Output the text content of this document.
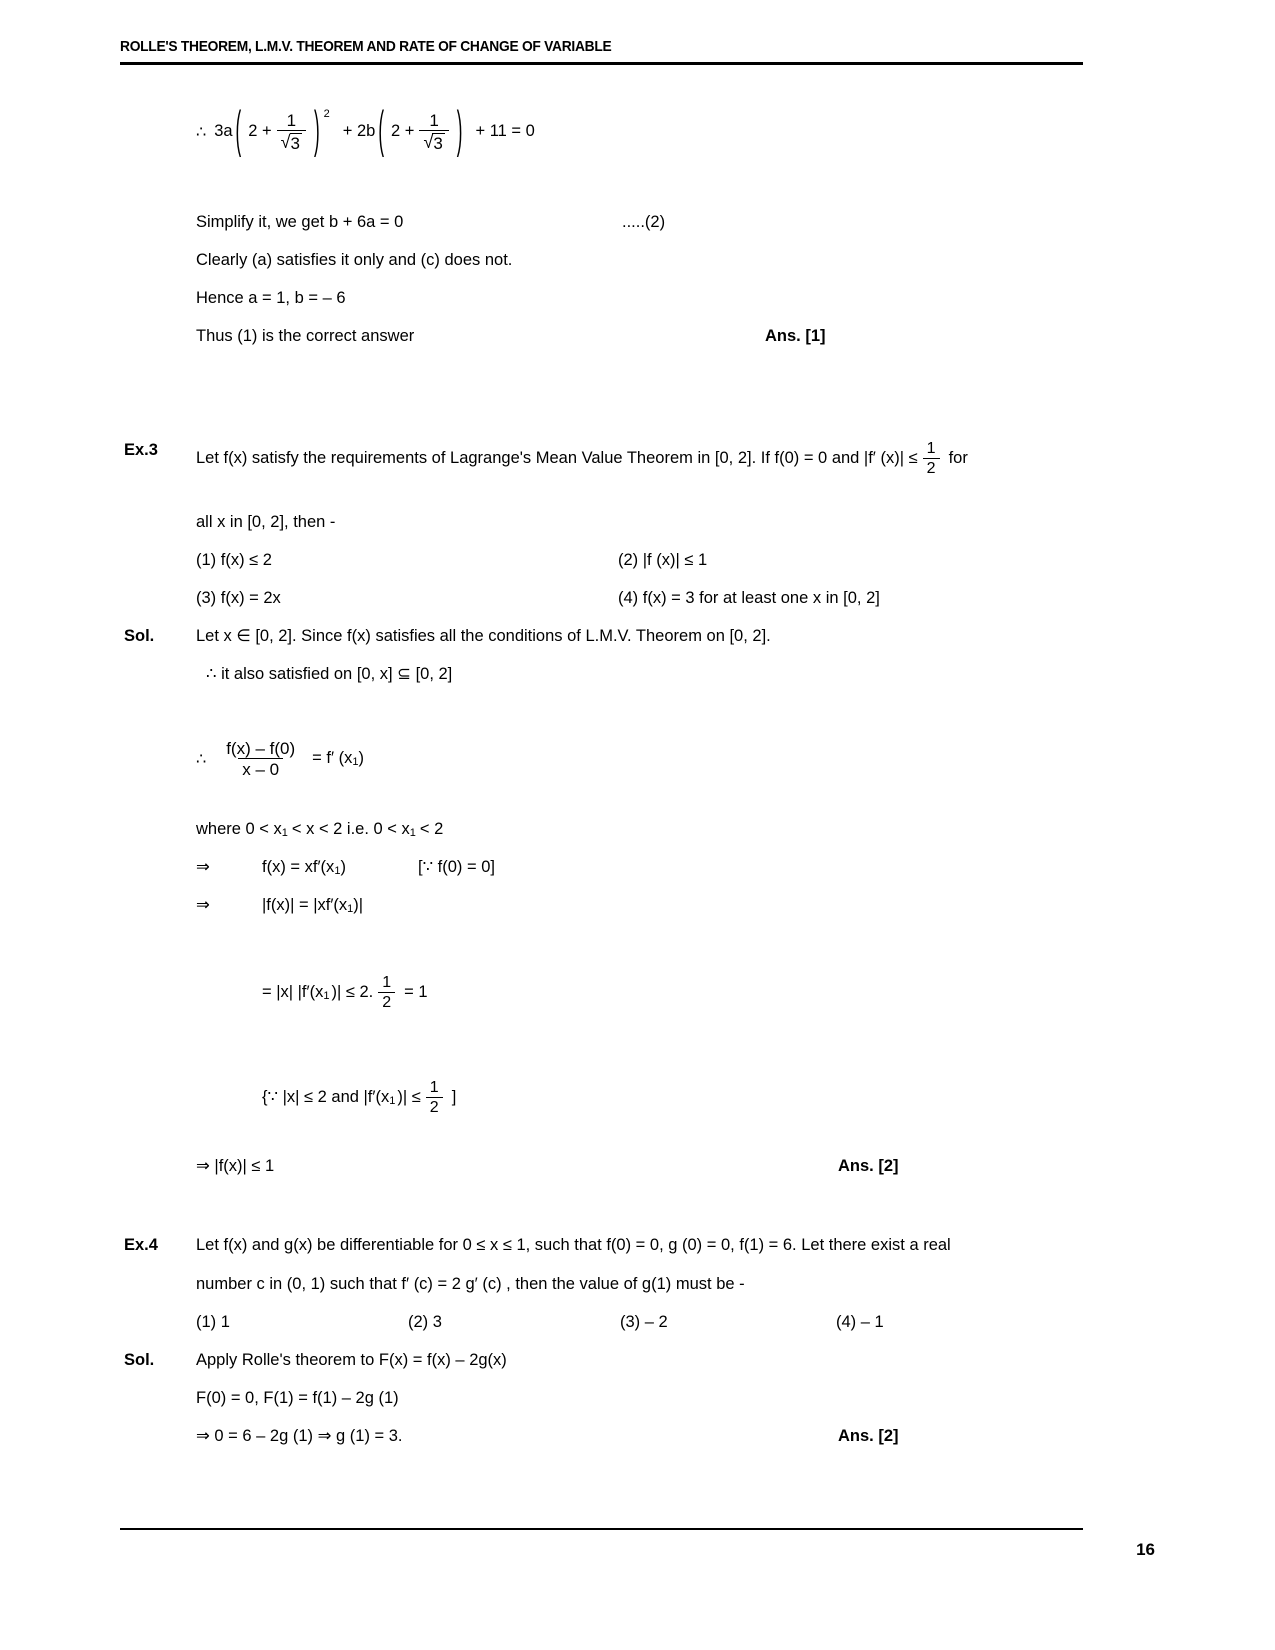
ROLLE'S THEOREM, L.M.V. THEOREM AND RATE OF CHANGE OF VARIABLE
∴ 3a ( $2 + \frac{1}{√ 3}$ ) 2
+ 2b ( $2 + \frac{1}{√ 3}$ ) + 11 = 0
Simplify it, we get b + 6a = 0	.....(2)
Clearly (a) satisfies it only and (c) does not.
Hence a = 1, b = – 6
Thus (1) is the correct answer	Ans. [1]
Ex.3 Let f(x) satisfy the requirements of Lagrange's Mean Value Theorem in [0, 2]. If f(0) = 0 and |f′ $(x)| \le \frac{1}{2}$ for
all x in [0, 2], then -
(1) f(x) ≤ 2	(2) |f (x)| ≤ 1
(3) f(x) = 2x	(4) f(x) = 3 for at least one x in [0, 2]
Sol.	Let x ∈ [0, 2]. Since f(x) satisfies all the conditions of L.M.V. Theorem on [0, 2].
∴ it also satisfied on [0, x] ⊆ [0, 2]
∴ $\frac{f(x) - f(0)}{x - 0} = f'$ (x 1 )
where 0 < x 1 < x < 2 i.e. 0 < x 1 < 2
⇒	f(x) = xf′(x 1 )	[∵ f(0) = 0]
⇒	|f(x)| = |xf′(x 1 )|
= |x| |f′(x 1 )| ≤ 2. $\frac{1}{2} = 1$
{∵ |x| ≤ 2 and |f′(x 1 )| ≤ $\frac{1}{2}$ ]
⇒ |f(x)| ≤ 1	Ans. [2]
Ex.4 Let f(x) and g(x) be differentiable for 0 ≤ x ≤ 1, such that f(0) = 0, g (0) = 0, f(1) = 6. Let there exist a real
number c in (0, 1) such that f′ (c) = 2 g′ (c) , then the value of g(1) must be -
(1) 1	(2) 3	(3) – 2	(4) – 1
Sol.	Apply Rolle's theorem to F(x) = f(x) – 2g(x)
F(0) = 0, F(1) = f(1) – 2g (1)
⇒ 0 = 6 – 2g (1) ⇒ g (1) = 3.	Ans. [2]
16
